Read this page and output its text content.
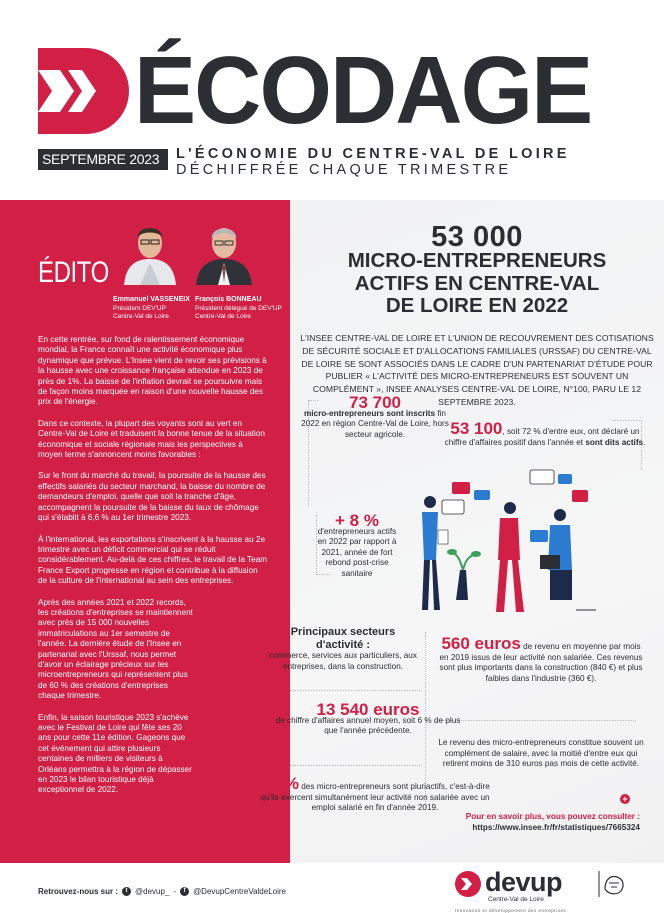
ÉCODAGE
SEPTEMBRE 2023 #70
L'ÉCONOMIE DU CENTRE-VAL DE LOIRE
DÉCHIFFRÉE CHAQUE TRIMESTRE
ÉDITO
Emmanuel VASSENEIX
Président DEV'UP
Centre-Val de Loire
François BONNEAU
Président délégué de DEV'UP
Centre-Val de Loire

En cette rentrée, sur fond de ralentissement économique mondial, la France connaît une activité économique plus dynamique que prévue. L'Insee vient de revoir ses prévisions à la hausse avec une croissance française attendue en 2023 de près de 1%. La baisse de l'inflation devrait se poursuivre mais de façon moins marquée en raison d'une nouvelle hausse des prix de l'énergie.

Dans ce contexte, la plupart des voyants sont au vert en Centre-Val de Loire et traduisent la bonne tenue de la situation économique et sociale régionale mais les perspectives à moyen terme s'annoncent moins favorables :

Sur le front du marché du travail, la poursuite de la hausse des effectifs salariés du secteur marchand, la baisse du nombre de demandeurs d'emploi, quelle que soit la tranche d'âge, accompagnent la poursuite de la baisse du taux de chômage qui s'établit à 6,6 % au 1er trimestre 2023.

À l'international, les exportations s'inscrivent à la hausse au 2e trimestre avec un déficit commercial qui se réduit considérablement. Au-delà de ces chiffres, le travail de la Team France Export progresse en région et contribue à la diffusion de la culture de l'international au sein des entreprises.

Après des années 2021 et 2022 records, les créations d'entreprises se maintiennent avec près de 15 000 nouvelles immatriculations au 1er semestre de l'année. La dernière étude de l'Insee en partenariat avec l'Urssaf, nous permet d'avoir un éclairage précieux sur les microentrepreneurs qui représentent plus de 60 % des créations d'entreprises chaque trimestre.

Enfin, la saison touristique 2023 s'achève avec le Festival de Loire qui fête ses 20 ans pour cette 11e édition. Gageons que cet événement qui attire plusieurs centaines de milliers de visiteurs à Orléans permettra à la région de dépasser en 2023 le bilan touristique déjà exceptionnel de 2022.

53 000
MICRO-ENTREPRENEURS
ACTIFS EN CENTRE-VAL
DE LOIRE EN 2022
L'INSEE CENTRE-VAL DE LOIRE ET L'UNION DE RECOUVREMENT DES COTISATIONS DE SÉCURITÉ SOCIALE ET D'ALLOCATIONS FAMILIALES (URSSAF) DU CENTRE-VAL DE LOIRE SE SONT ASSOCIÉS DANS LE CADRE D'UN PARTENARIAT D'ÉTUDE POUR PUBLIER « L'ACTIVITÉ DES MICRO-ENTREPRENEURS EST SOUVENT UN COMPLÉMENT », INSEE ANALYSES CENTRE-VAL DE LOIRE, N°100, PARU LE 12 SEPTEMBRE 2023.
73 700
micro-entrepreneurs sont inscrits fin 2022 en région Centre-Val de Loire, hors secteur agricole.	53 100, soit 72 % d'entre eux, ont déclaré un chiffre d'affaires positif dans l'année et sont dits actifs.
+ 8 %
d'entrepreneurs actifs en 2022 par rapport à 2021, année de fort rebond post-crise sanitaire
Principaux secteurs d'activité :
commerce, services aux particuliers, aux entreprises, dans la construction.
560 euros de revenu en moyenne par mois en 2019 issus de leur activité non salariée. Ces revenus sont plus importants dans la construction (840 €) et plus faibles dans l'industrie (360 €).
13 540 euros
de chiffre d'affaires annuel moyen, soit 6 % de plus que l'année précédente.
Le revenu des micro-entrepreneurs constitue souvent un complément de salaire, avec la moitié d'entre eux qui retirent moins de 310 euros pas mois de cette activité.
29 % des micro-entrepreneurs sont pluriactifs, c'est-à-dire qu'ils exercent simultanément leur activité non salariée avec un emploi salarié en fin d'année 2019.
+
Pour en savoir plus, vous pouvez consulter :
https://www.insee.fr/fr/statistiques/7665324
Retrouvez-nous sur :	t @devup_ -	f @DevupCentreValdeLoire	devup
Centre-Val de Loire
Innovation et développement des entreprises
